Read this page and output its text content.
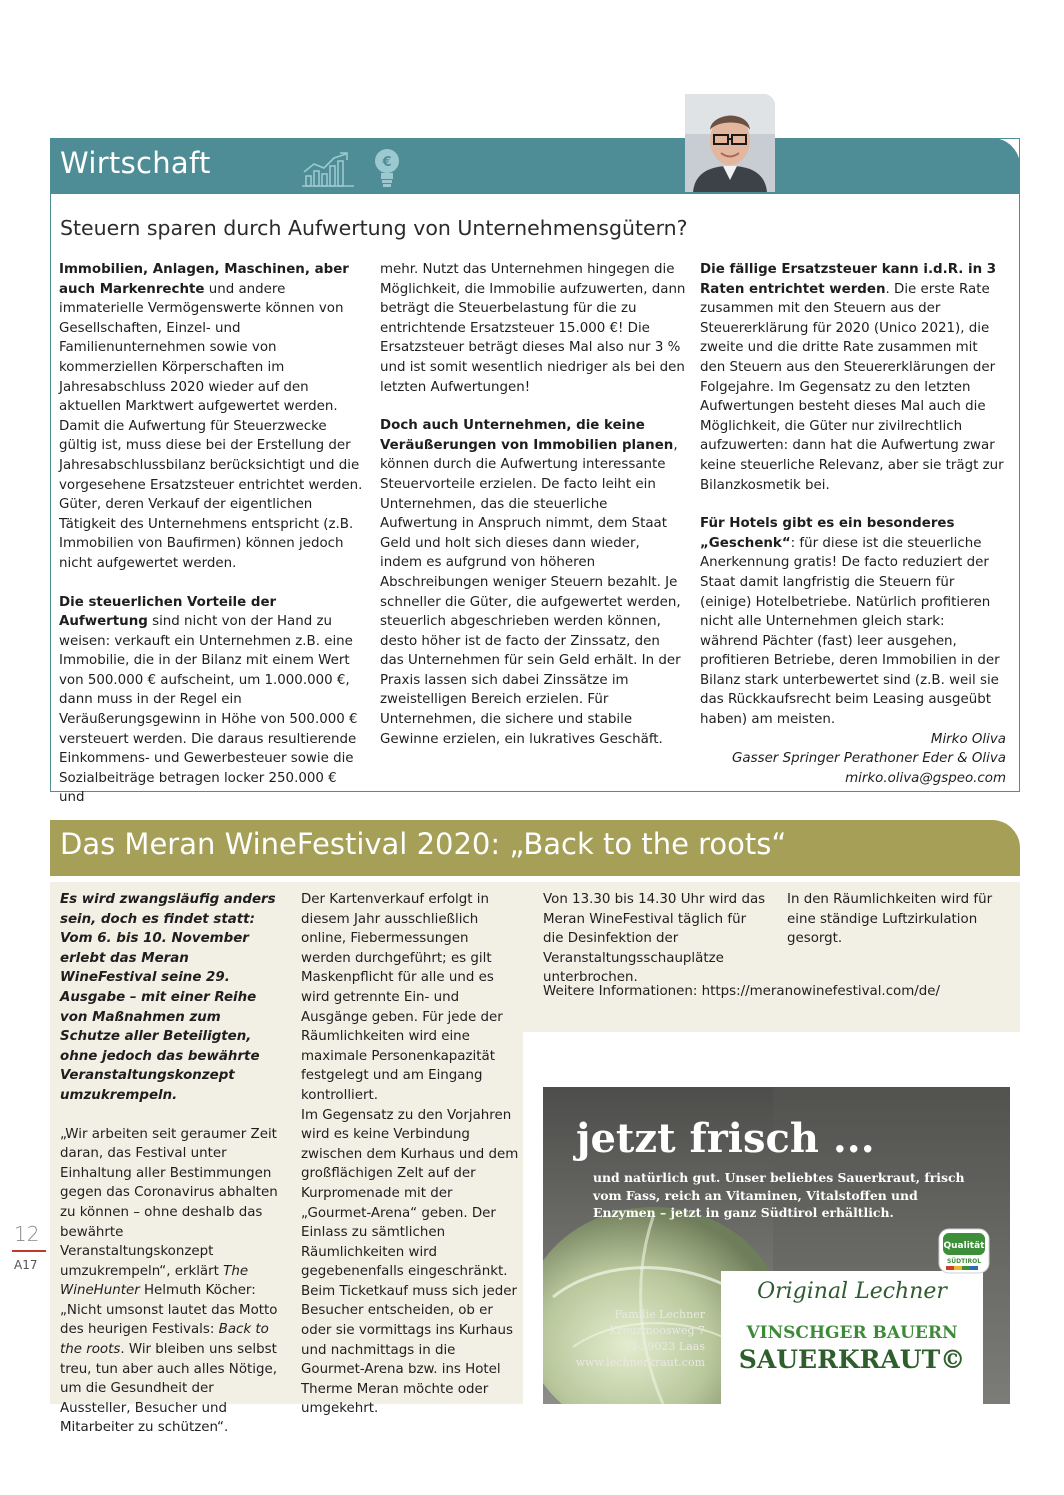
Wirtschaft	€
Steuern sparen durch Aufwertung von Unternehmensgütern?

Immobilien, Anlagen, Maschinen, aber auch Markenrechte und andere immaterielle Vermögenswerte können von Gesellschaften, Einzel- und Familienunternehmen sowie von kommerziellen Körperschaften im Jahresabschluss 2020 wieder auf den aktuellen Marktwert aufgewertet werden. Damit die Aufwertung für Steuerzwecke gültig ist, muss diese bei der Erstellung der Jahresabschlussbilanz berücksichtigt und die vorgesehene Ersatzsteuer entrichtet werden. Güter, deren Verkauf der eigentlichen Tätigkeit des Unternehmens entspricht (z.B. Immobilien von Baufirmen) können jedoch nicht aufgewertet werden.

Die steuerlichen Vorteile der Aufwertung sind nicht von der Hand zu weisen: verkauft ein Unternehmen z.B. eine Immobilie, die in der Bilanz mit einem Wert von 500.000 € aufscheint, um 1.000.000 €, dann muss in der Regel ein Veräußerungsgewinn in Höhe von 500.000 € versteuert werden. Die daraus resultierende Einkommens- und Gewerbesteuer sowie die Sozialbeiträge betragen locker 250.000 € und

mehr. Nutzt das Unternehmen hingegen die Möglichkeit, die Immobilie aufzuwerten, dann beträgt die Steuerbelastung für die zu entrichtende Ersatzsteuer 15.000 €! Die Ersatzsteuer beträgt dieses Mal also nur 3 % und ist somit wesentlich niedriger als bei den letzten Aufwertungen!

Doch auch Unternehmen, die keine Veräußerungen von Immobilien planen, können durch die Aufwertung interessante Steuervorteile erzielen. De facto leiht ein Unternehmen, das die steuerliche Aufwertung in Anspruch nimmt, dem Staat Geld und holt sich dieses dann wieder, indem es aufgrund von höheren Abschreibungen weniger Steuern bezahlt. Je schneller die Güter, die aufgewertet werden, steuerlich abgeschrieben werden können, desto höher ist de facto der Zinssatz, den das Unternehmen für sein Geld erhält. In der Praxis lassen sich dabei Zinssätze im zweistelligen Bereich erzielen. Für Unternehmen, die sichere und stabile Gewinne erzielen, ein lukratives Geschäft.

Die fällige Ersatzsteuer kann i.d.R. in 3 Raten entrichtet werden. Die erste Rate zusammen mit den Steuern aus der Steuererklärung für 2020 (Unico 2021), die zweite und die dritte Rate zusammen mit den Steuern aus den Steuererklärungen der Folgejahre. Im Gegensatz zu den letzten Aufwertungen besteht dieses Mal auch die Möglichkeit, die Güter nur zivilrechtlich aufzuwerten: dann hat die Aufwertung zwar keine steuerliche Relevanz, aber sie trägt zur Bilanzkosmetik bei.

Für Hotels gibt es ein besonderes „Geschenk“: für diese ist die steuerliche Anerkennung gratis! De facto reduziert der Staat damit langfristig die Steuern für (einige) Hotelbetriebe. Natürlich profitieren nicht alle Unternehmen gleich stark: während Pächter (fast) leer ausgehen, profitieren Betriebe, deren Immobilien in der Bilanz stark unterbewertet sind (z.B. weil sie das Rückkaufsrecht beim Leasing ausgeübt haben) am meisten.

Mirko Oliva

Gasser Springer Perathoner Eder & Oliva

mirko.oliva@gspeo.com

Das Meran WineFestival 2020: „Back to the roots“

Es wird zwangsläufig anders sein, doch es findet statt: Vom 6. bis 10. November erlebt das Meran WineFestival seine 29. Ausgabe – mit einer Reihe von Maßnahmen zum Schutze aller Beteiligten, ohne jedoch das bewährte Veranstaltungskonzept umzukrempeln.

„Wir arbeiten seit geraumer Zeit daran, das Festival unter Einhaltung aller Bestimmungen gegen das Coronavirus abhalten zu können – ohne deshalb das bewährte Veranstaltungskonzept umzukrempeln“, erklärt The WineHunter Helmuth Köcher: „Nicht umsonst lautet das Motto des heurigen Festivals: Back to the roots. Wir bleiben uns selbst treu, tun aber auch alles Nötige, um die Gesundheit der Aussteller, Besucher und Mitarbeiter zu schützen“.

Der Kartenverkauf erfolgt in diesem Jahr ausschließlich online, Fiebermessungen werden durchgeführt; es gilt Maskenpflicht für alle und es wird getrennte Ein- und Ausgänge geben. Für jede der Räumlichkeiten wird eine maximale Personenkapazität festgelegt und am Eingang kontrolliert.

Im Gegensatz zu den Vorjahren wird es keine Verbindung zwischen dem Kurhaus und dem großflächigen Zelt auf der Kurpromenade mit der „Gourmet-Arena“ geben. Der Einlass zu sämtlichen Räumlichkeiten wird gegebenenfalls eingeschränkt. Beim Ticketkauf muss sich jeder Besucher entscheiden, ob er oder sie vormittags ins Kurhaus und nachmittags in die Gourmet-Arena bzw. ins Hotel Therme Meran möchte oder umgekehrt.

Von 13.30 bis 14.30 Uhr wird das Meran WineFestival täglich für die Desinfektion der Veranstaltungsschauplätze unterbrochen.

In den Räumlichkeiten wird für eine ständige Luftzirkulation gesorgt.

Weitere Informationen: https://meranowinefestival.com/de/
jetzt frisch ...
und natürlich gut. Unser beliebtes Sauerkraut, frisch vom Fass, reich an Vitaminen, Vitalstoffen und Enzymen – jetzt in ganz Südtirol erhältlich.
Familie Lechner
Kreuzmoosweg 7
I-39023 Laas
www.lechnerkraut.com
Original Lechner
VINSCHGER BAUERN
SAUERKRAUT©
Qualität
SÜDTIROL
12
A17
